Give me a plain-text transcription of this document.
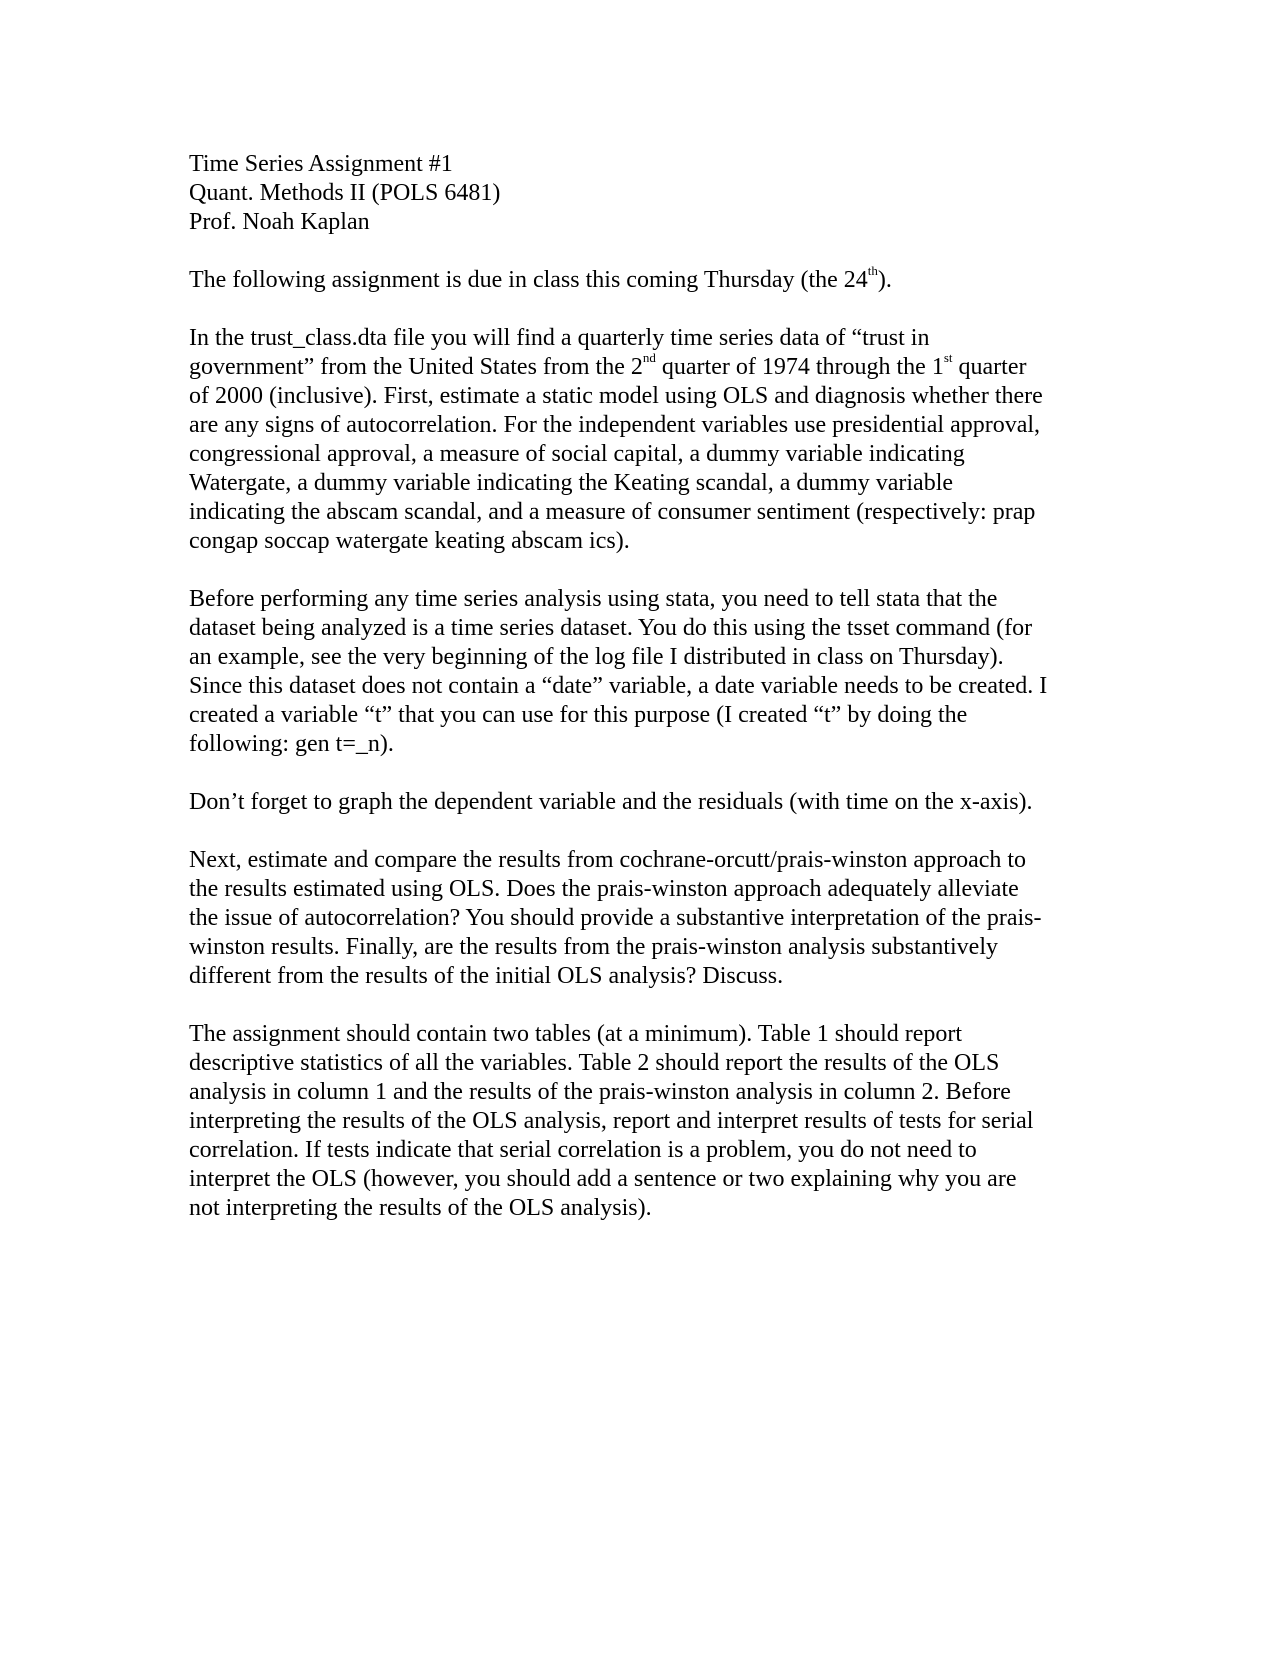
Time Series Assignment #1
Quant. Methods II (POLS 6481)
Prof. Noah Kaplan
The following assignment is due in class this coming Thursday (the 24th).
In the trust_class.dta file you will find a quarterly time series data of “trust in
government” from the United States from the 2nd quarter of 1974 through the 1st quarter
of 2000 (inclusive). First, estimate a static model using OLS and diagnosis whether there
are any signs of autocorrelation. For the independent variables use presidential approval,
congressional approval, a measure of social capital, a dummy variable indicating
Watergate, a dummy variable indicating the Keating scandal, a dummy variable
indicating the abscam scandal, and a measure of consumer sentiment (respectively: prap
congap soccap watergate keating abscam ics).
Before performing any time series analysis using stata, you need to tell stata that the
dataset being analyzed is a time series dataset. You do this using the tsset command (for
an example, see the very beginning of the log file I distributed in class on Thursday).
Since this dataset does not contain a “date” variable, a date variable needs to be created. I
created a variable “t” that you can use for this purpose (I created “t” by doing the
following: gen t=_n).
Don’t forget to graph the dependent variable and the residuals (with time on the x-axis).
Next, estimate and compare the results from cochrane-orcutt/prais-winston approach to
the results estimated using OLS. Does the prais-winston approach adequately alleviate
the issue of autocorrelation? You should provide a substantive interpretation of the prais-
winston results. Finally, are the results from the prais-winston analysis substantively
different from the results of the initial OLS analysis? Discuss.
The assignment should contain two tables (at a minimum). Table 1 should report
descriptive statistics of all the variables. Table 2 should report the results of the OLS
analysis in column 1 and the results of the prais-winston analysis in column 2. Before
interpreting the results of the OLS analysis, report and interpret results of tests for serial
correlation. If tests indicate that serial correlation is a problem, you do not need to
interpret the OLS (however, you should add a sentence or two explaining why you are
not interpreting the results of the OLS analysis).
